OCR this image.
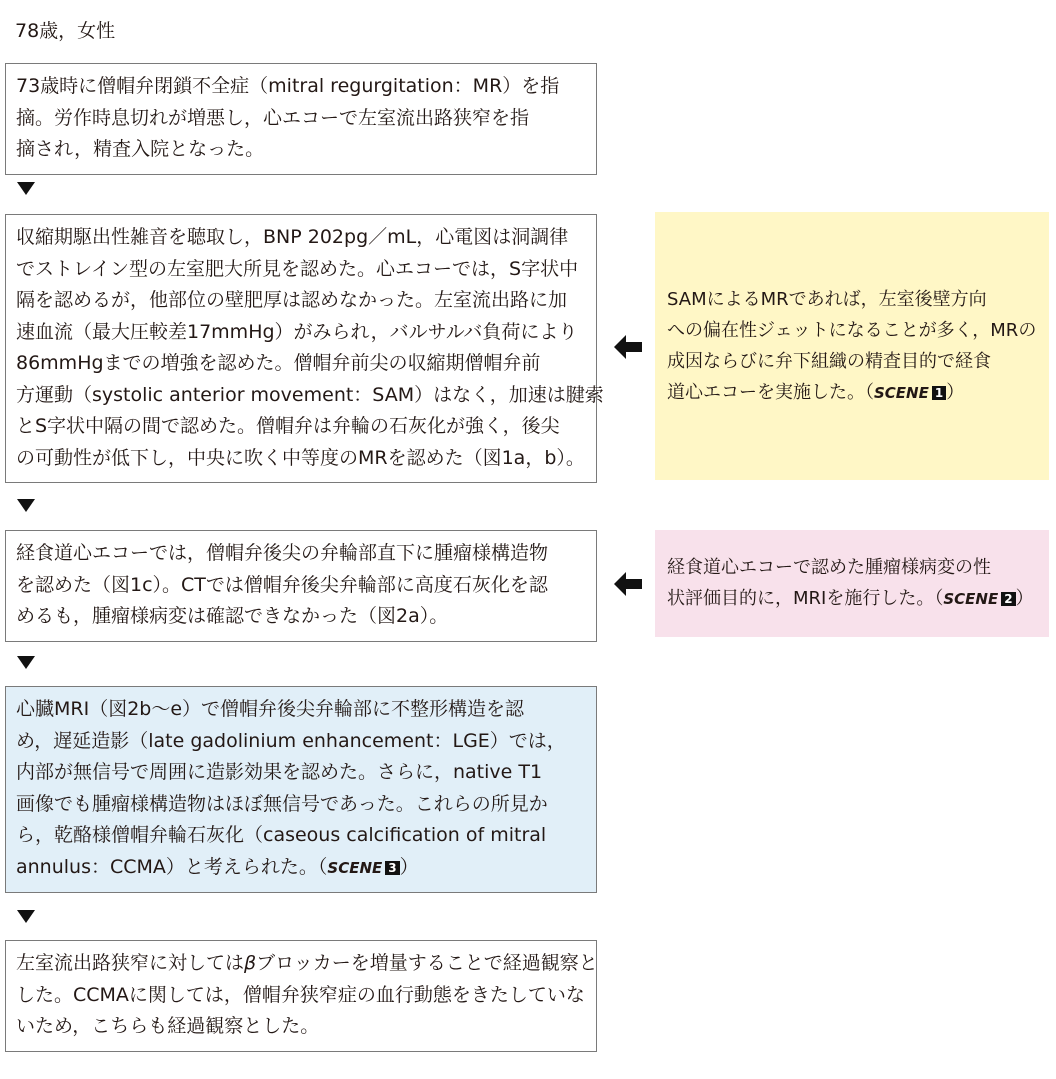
78歳，女性

73歳時に僧帽弁閉鎖不全症（mitral regurgitation：MR）を指

摘。労作時息切れが増悪し，心エコーで左室流出路狭窄を指

摘され，精査入院となった。

収縮期駆出性雑音を聴取し，BNP 202pg／mL，心電図は洞調律

でストレイン型の左室肥大所見を認めた。心エコーでは，S字状中

隔を認めるが，他部位の壁肥厚は認めなかった。左室流出路に加

速血流（最大圧較差17mmHg）がみられ，バルサルバ負荷により

86mmHgまでの増強を認めた。僧帽弁前尖の収縮期僧帽弁前

方運動（systolic anterior movement：SAM）はなく，加速は腱索

とS字状中隔の間で認めた。僧帽弁は弁輪の石灰化が強く，後尖

の可動性が低下し，中央に吹く中等度のMRを認めた（図1a，b）。

経食道心エコーでは，僧帽弁後尖の弁輪部直下に腫瘤様構造物

を認めた（図1c）。CTでは僧帽弁後尖弁輪部に高度石灰化を認

めるも，腫瘤様病変は確認できなかった（図2a）。

心臓MRI（図2b～e）で僧帽弁後尖弁輪部に不整形構造を認

め，遅延造影（late gadolinium enhancement：LGE）では，

内部が無信号で周囲に造影効果を認めた。さらに，native T1

画像でも腫瘤様構造物はほぼ無信号であった。これらの所見か

ら，乾酪様僧帽弁輪石灰化（caseous calcification of mitral

annulus：CCMA）と考えられた。（SCENE 3 ）

左室流出路狭窄に対してはβブロッカーを増量することで経過観察と

した。CCMAに関しては，僧帽弁狭窄症の血行動態をきたしていな

いため，こちらも経過観察とした。

SAMによるMRであれば，左室後壁方向

への偏在性ジェットになることが多く，MRの

成因ならびに弁下組織の精査目的で経食

道心エコーを実施した。（SCENE 1 ）

経食道心エコーで認めた腫瘤様病変の性

状評価目的に，MRIを施行した。（SCENE 2 ）
